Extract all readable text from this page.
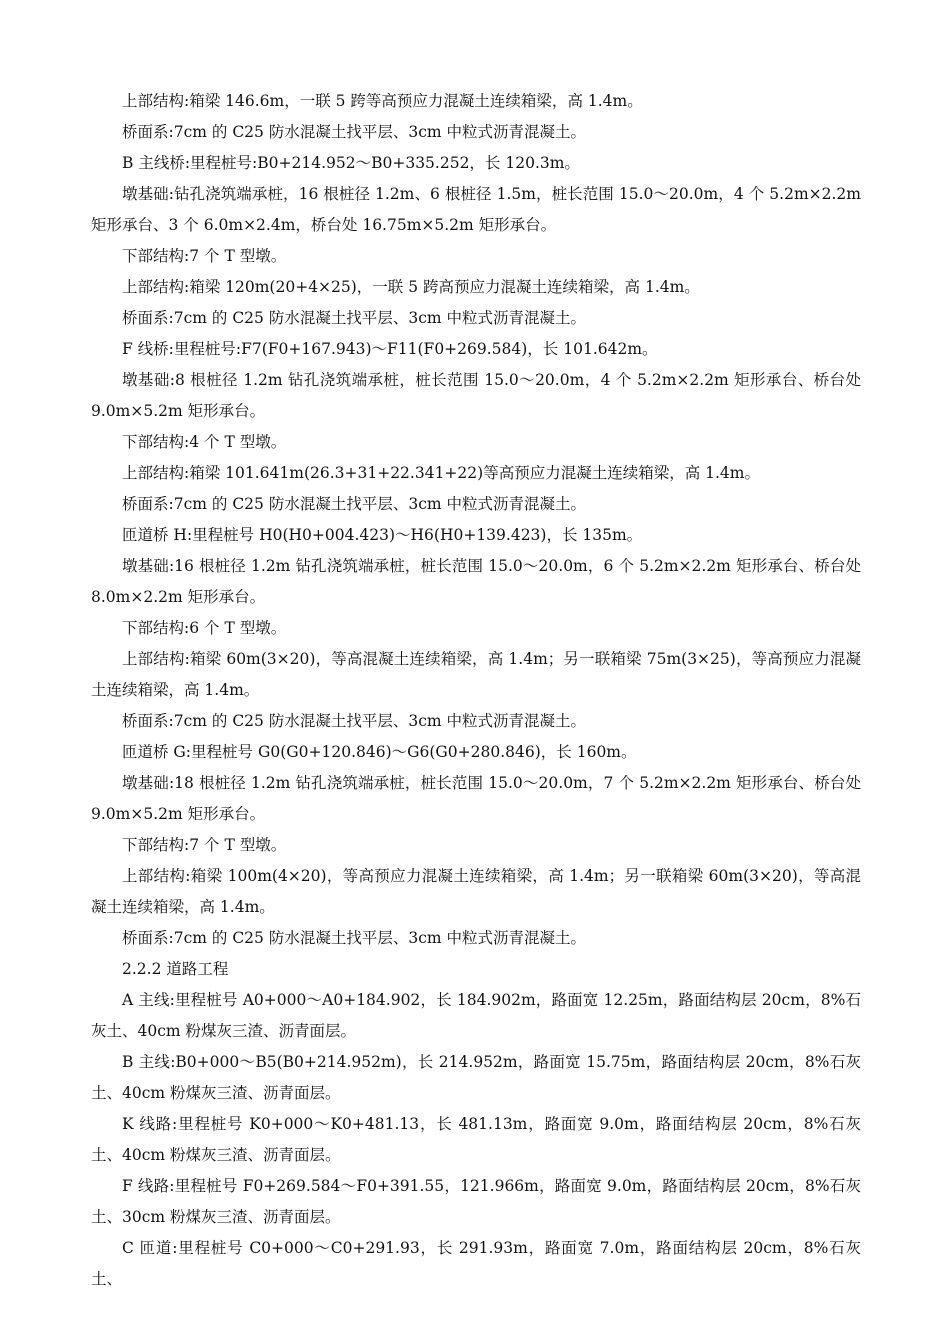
上部结构:箱梁 146.6m，一联 5 跨等高预应力混凝土连续箱梁，高 1.4m。

桥面系:7cm 的 C25 防水混凝土找平层、3cm 中粒式沥青混凝土。

B 主线桥:里程桩号:B0+214.952～B0+335.252，长 120.3m。

墩基础:钻孔浇筑端承桩，16 根桩径 1.2m、6 根桩径 1.5m，桩长范围 15.0～20.0m，4 个 5.2m×2.2m 矩形承台、3 个 6.0m×2.4m，桥台处 16.75m×5.2m 矩形承台。

下部结构:7 个 T 型墩。

上部结构:箱梁 120m(20+4×25)，一联 5 跨高预应力混凝土连续箱梁，高 1.4m。

桥面系:7cm 的 C25 防水混凝土找平层、3cm 中粒式沥青混凝土。

F 线桥:里程桩号:F7(F0+167.943)～F11(F0+269.584)，长 101.642m。

墩基础:8 根桩径 1.2m 钻孔浇筑端承桩，桩长范围 15.0～20.0m，4 个 5.2m×2.2m 矩形承台、桥台处 9.0m×5.2m 矩形承台。

下部结构:4 个 T 型墩。

上部结构:箱梁 101.641m(26.3+31+22.341+22)等高预应力混凝土连续箱梁，高 1.4m。

桥面系:7cm 的 C25 防水混凝土找平层、3cm 中粒式沥青混凝土。

匝道桥 H:里程桩号 H0(H0+004.423)～H6(H0+139.423)，长 135m。

墩基础:16 根桩径 1.2m 钻孔浇筑端承桩，桩长范围 15.0～20.0m，6 个 5.2m×2.2m 矩形承台、桥台处 8.0m×2.2m 矩形承台。

下部结构:6 个 T 型墩。

上部结构:箱梁 60m(3×20)，等高混凝土连续箱梁，高 1.4m；另一联箱梁 75m(3×25)，等高预应力混凝土连续箱梁，高 1.4m。

桥面系:7cm 的 C25 防水混凝土找平层、3cm 中粒式沥青混凝土。

匝道桥 G:里程桩号 G0(G0+120.846)～G6(G0+280.846)，长 160m。

墩基础:18 根桩径 1.2m 钻孔浇筑端承桩，桩长范围 15.0～20.0m，7 个 5.2m×2.2m 矩形承台、桥台处 9.0m×5.2m 矩形承台。

下部结构:7 个 T 型墩。

上部结构:箱梁 100m(4×20)，等高预应力混凝土连续箱梁，高 1.4m；另一联箱梁 60m(3×20)，等高混凝土连续箱梁，高 1.4m。

桥面系:7cm 的 C25 防水混凝土找平层、3cm 中粒式沥青混凝土。

2.2.2 道路工程

A 主线:里程桩号 A0+000～A0+184.902，长 184.902m，路面宽 12.25m，路面结构层 20cm，8%石灰土、40cm 粉煤灰三渣、沥青面层。

B 主线:B0+000～B5(B0+214.952m)，长 214.952m，路面宽 15.75m，路面结构层 20cm，8%石灰土、40cm 粉煤灰三渣、沥青面层。

K 线路:里程桩号 K0+000～K0+481.13，长 481.13m，路面宽 9.0m，路面结构层 20cm，8%石灰土、40cm 粉煤灰三渣、沥青面层。

F 线路:里程桩号 F0+269.584～F0+391.55，121.966m，路面宽 9.0m，路面结构层 20cm，8%石灰土、30cm 粉煤灰三渣、沥青面层。

C 匝道:里程桩号 C0+000～C0+291.93，长 291.93m，路面宽 7.0m，路面结构层 20cm，8%石灰土、
